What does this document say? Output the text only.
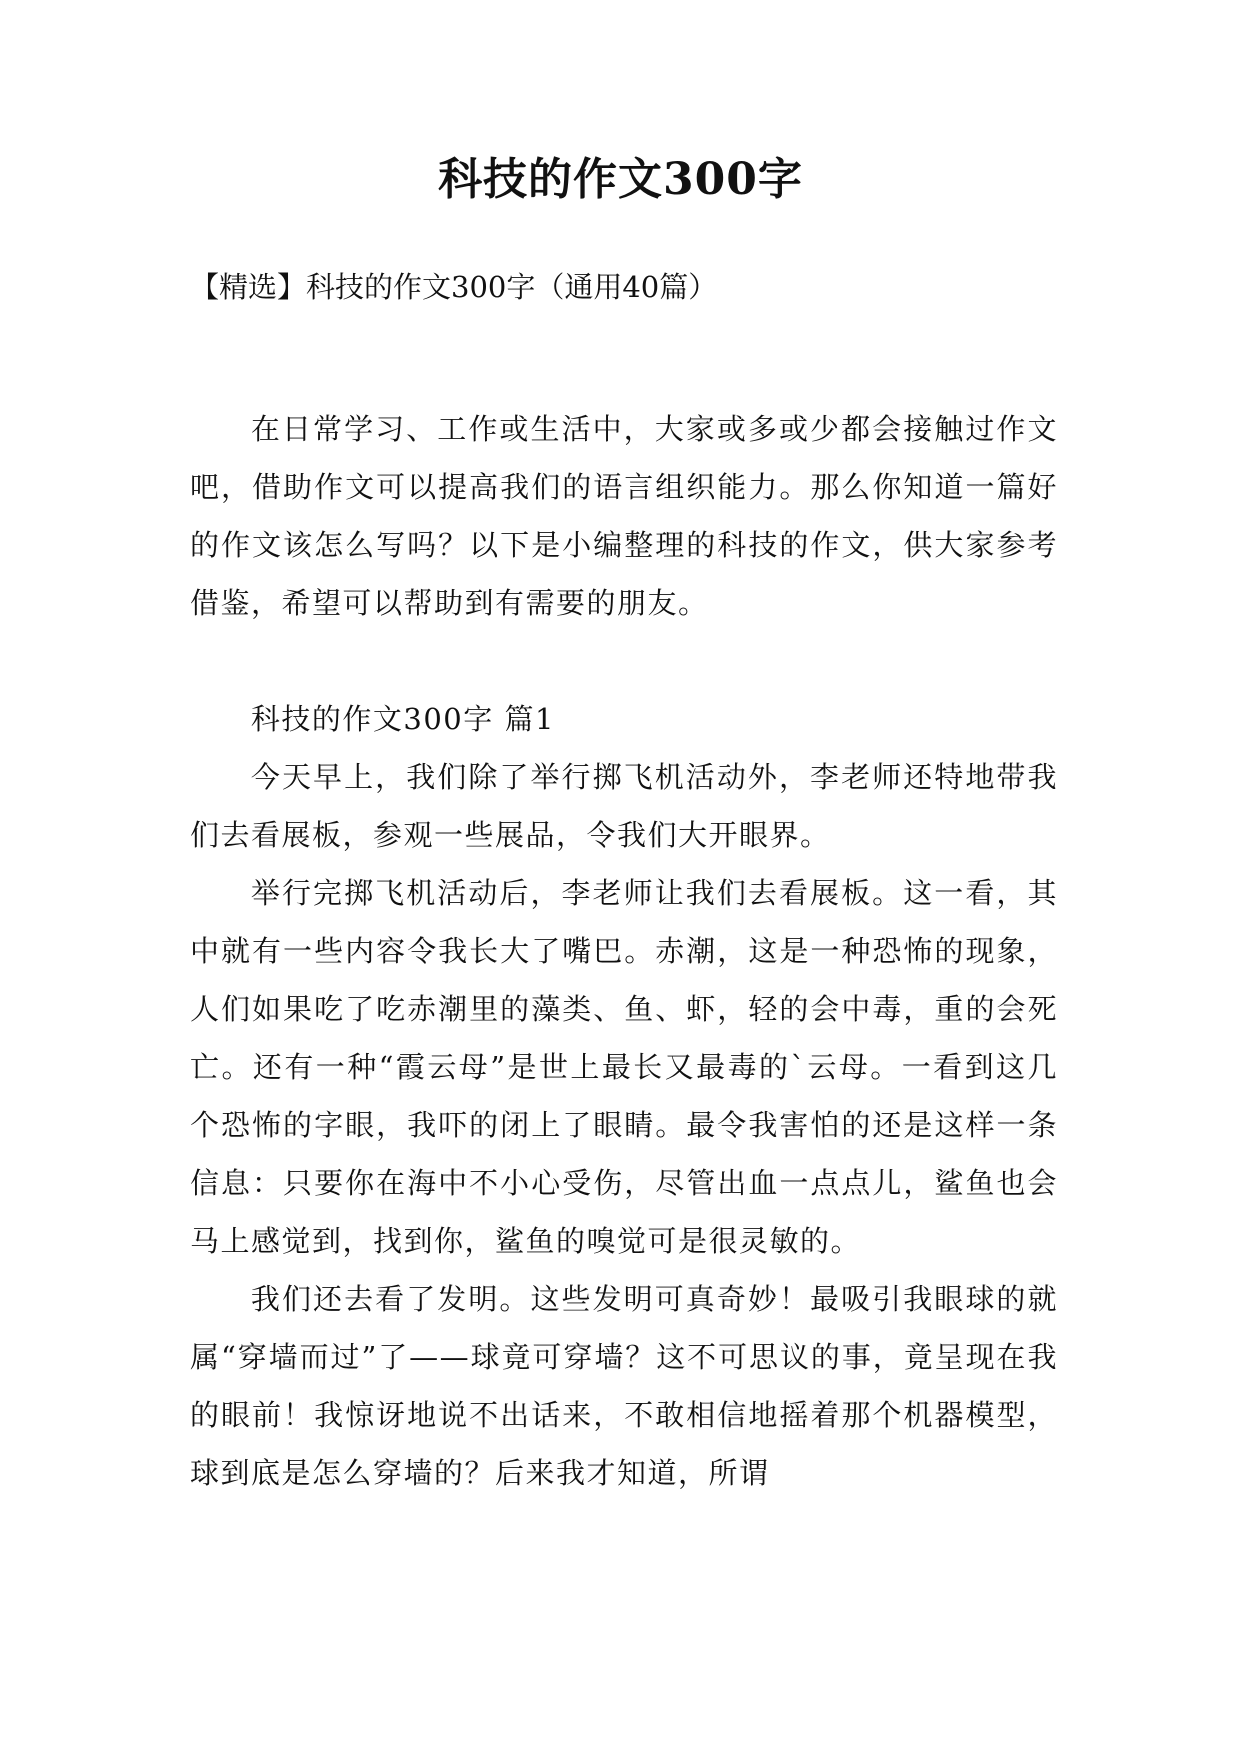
科技的作文300字
【精选】科技的作文300字（通用40篇）

在日常学习、工作或生活中，大家或多或少都会接触过作文吧，借助作文可以提高我们的语言组织能力。那么你知道一篇好的作文该怎么写吗？以下是小编整理的科技的作文，供大家参考借鉴，希望可以帮助到有需要的朋友。

科技的作文300字 篇1

今天早上，我们除了举行掷飞机活动外，李老师还特地带我们去看展板，参观一些展品，令我们大开眼界。

举行完掷飞机活动后，李老师让我们去看展板。这一看，其中就有一些内容令我长大了嘴巴。赤潮，这是一种恐怖的现象，人们如果吃了吃赤潮里的藻类、鱼、虾，轻的会中毒，重的会死亡。还有一种“霞云母”是世上最长又最毒的`云母。一看到这几个恐怖的字眼，我吓的闭上了眼睛。最令我害怕的还是这样一条信息：只要你在海中不小心受伤，尽管出血一点点儿，鲨鱼也会马上感觉到，找到你，鲨鱼的嗅觉可是很灵敏的。

我们还去看了发明。这些发明可真奇妙！最吸引我眼球的就属“穿墙而过”了——球竟可穿墙？这不可思议的事，竟呈现在我的眼前！我惊讶地说不出话来，不敢相信地摇着那个机器模型，球到底是怎么穿墙的？后来我才知道，所谓
